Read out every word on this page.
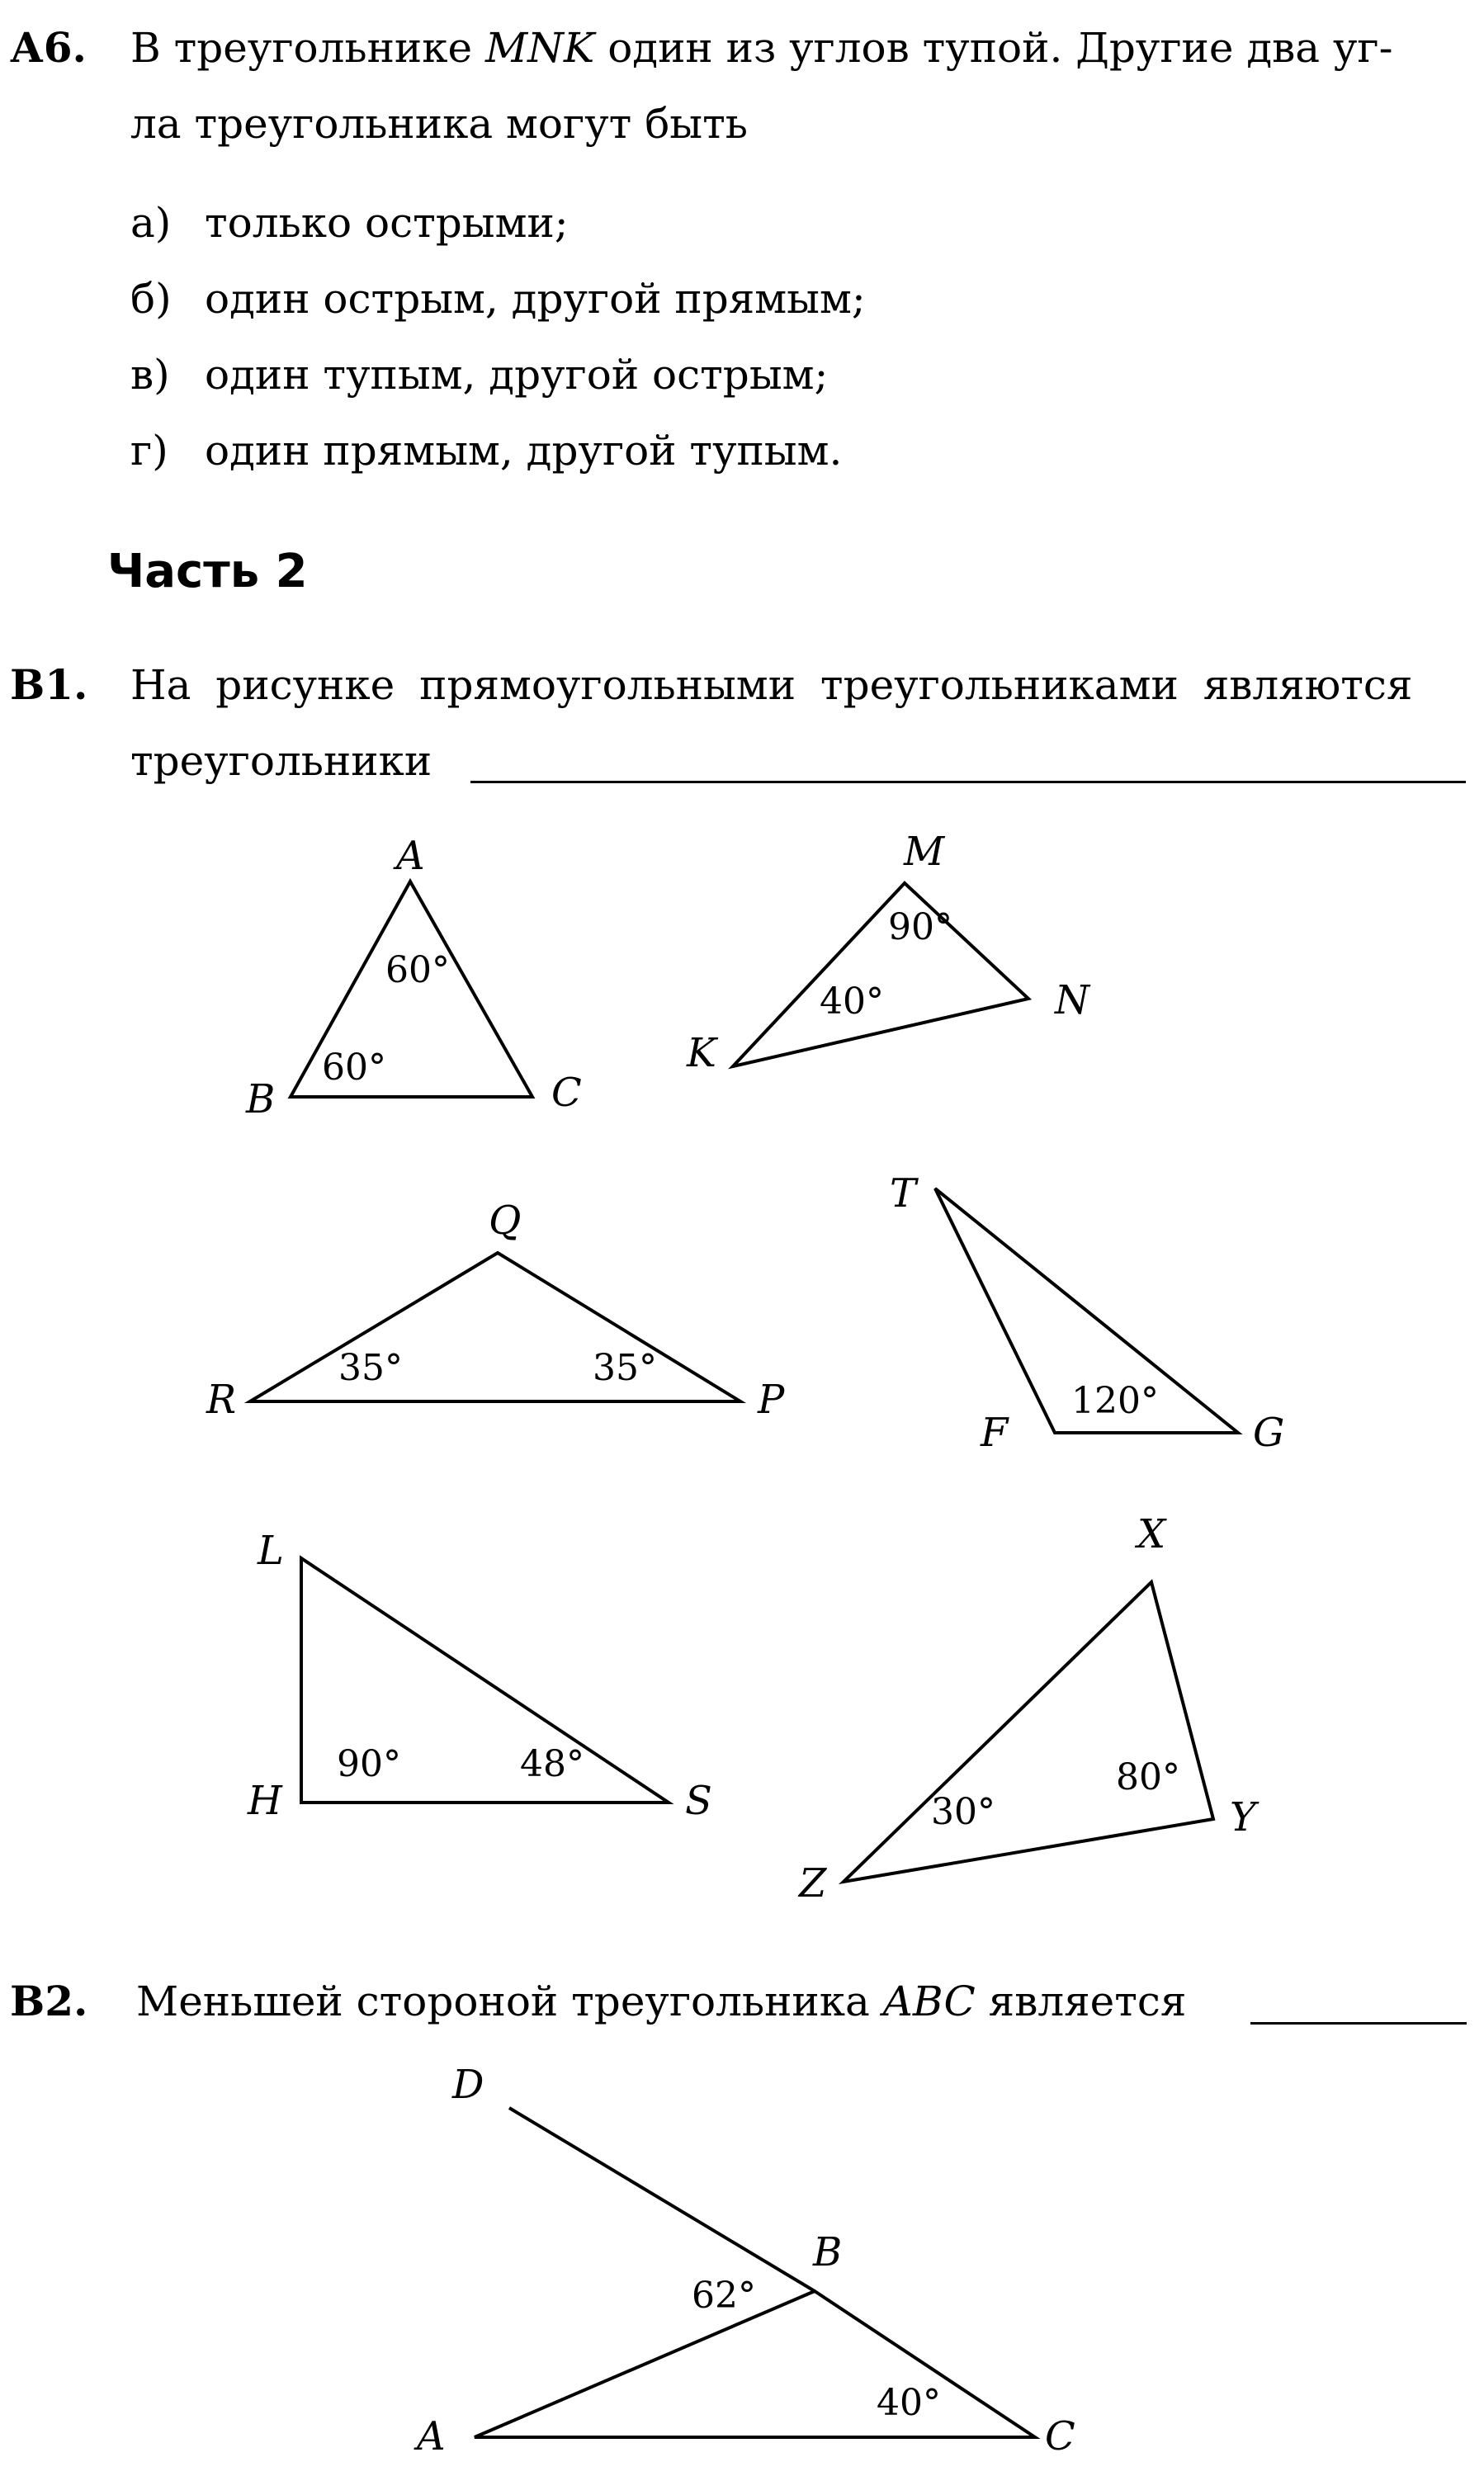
А6. В треугольнике MNK один из углов тупой. Другие два уг-
ла треугольника могут быть
а) только острыми;
б) один острым, другой прямым;
в) один тупым, другой острым;
г) один прямым, другой тупым.
Часть 2
В1. На рисунке прямоугольными треугольниками являются
треугольники
В2. Меньшей стороной треугольника ABC является
A
B	C
60°
60°
M
N
K
90°
40°
Q
R	P
35°	35°
T
F	G
120°
L
H	S
90°	48°
X
Y
Z
30°
80°
D
B
A	C
62°
40°
